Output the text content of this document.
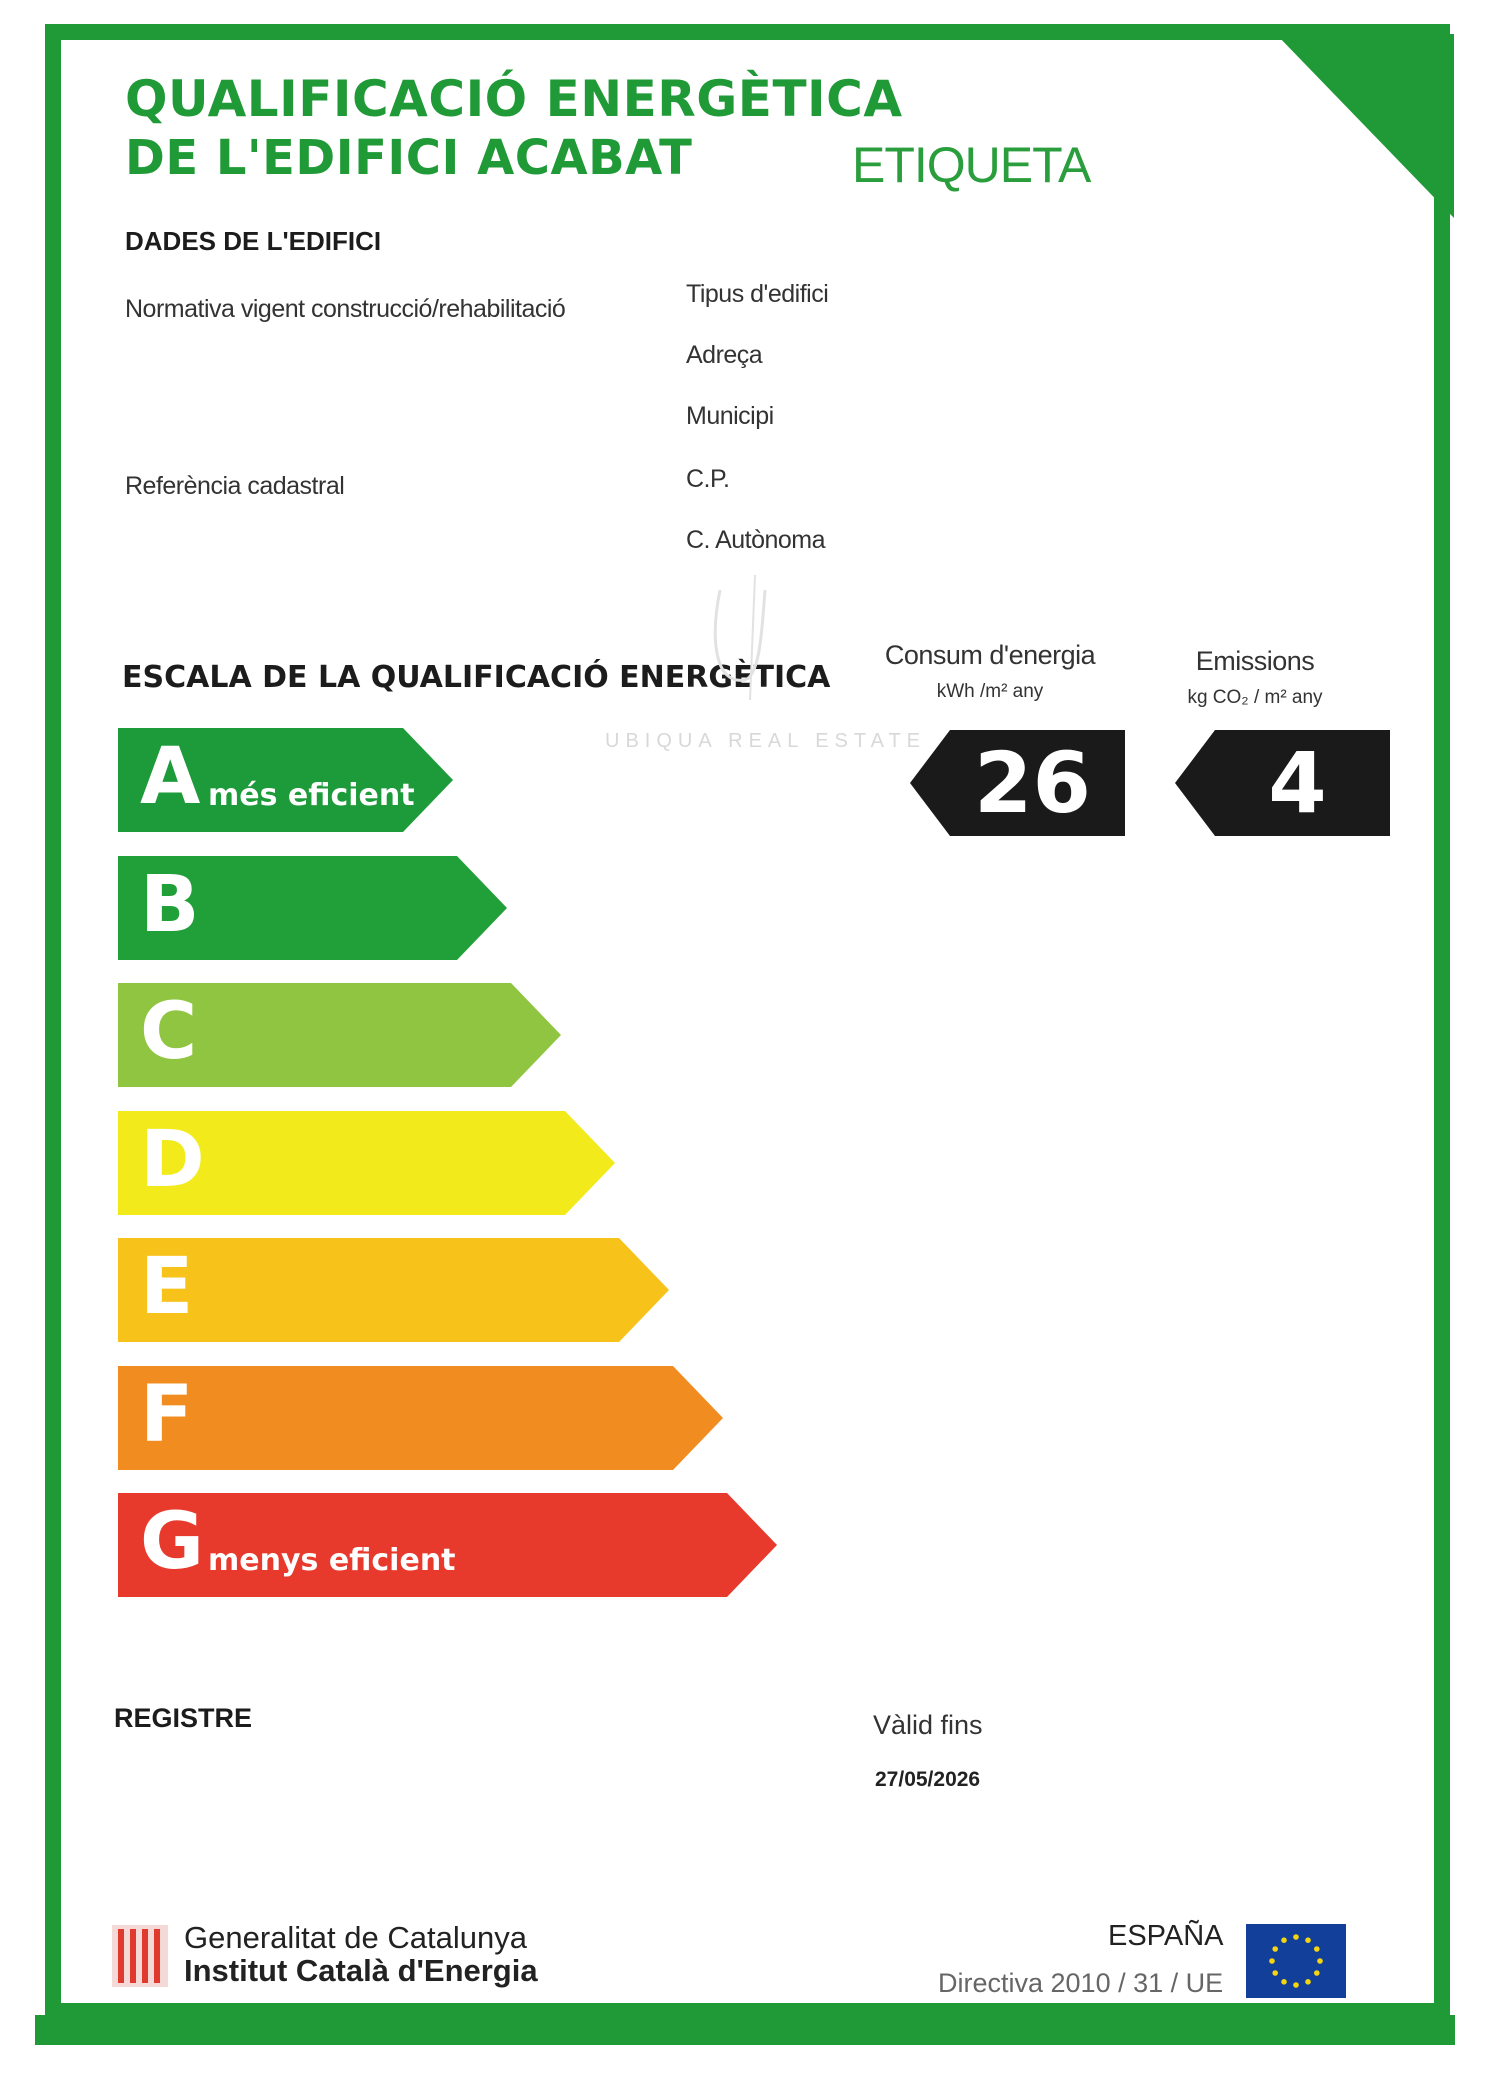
QUALIFICACIÓ ENERGÈTICA
DE L'EDIFICI ACABAT	ETIQUETA
DADES DE L'EDIFICI
Normativa vigent construcció/rehabilitació
Referència cadastral
Tipus d'edifici
Adreça
Municipi
C.P.
C. Autònoma
ESCALA DE LA QUALIFICACIÓ ENERGÈTICA
Consum d'energia
kWh /m² any
Emissions
kg CO₂ / m² any
UBIQUA REAL ESTATE 26	4
A més eficient
B
C
D
E
F
G menys eficient
REGISTRE	Vàlid fins
27/05/2026
Generalitat de Catalunya
Institut Català d'Energia
ESPAÑA
Directiva 2010 / 31 / UE
